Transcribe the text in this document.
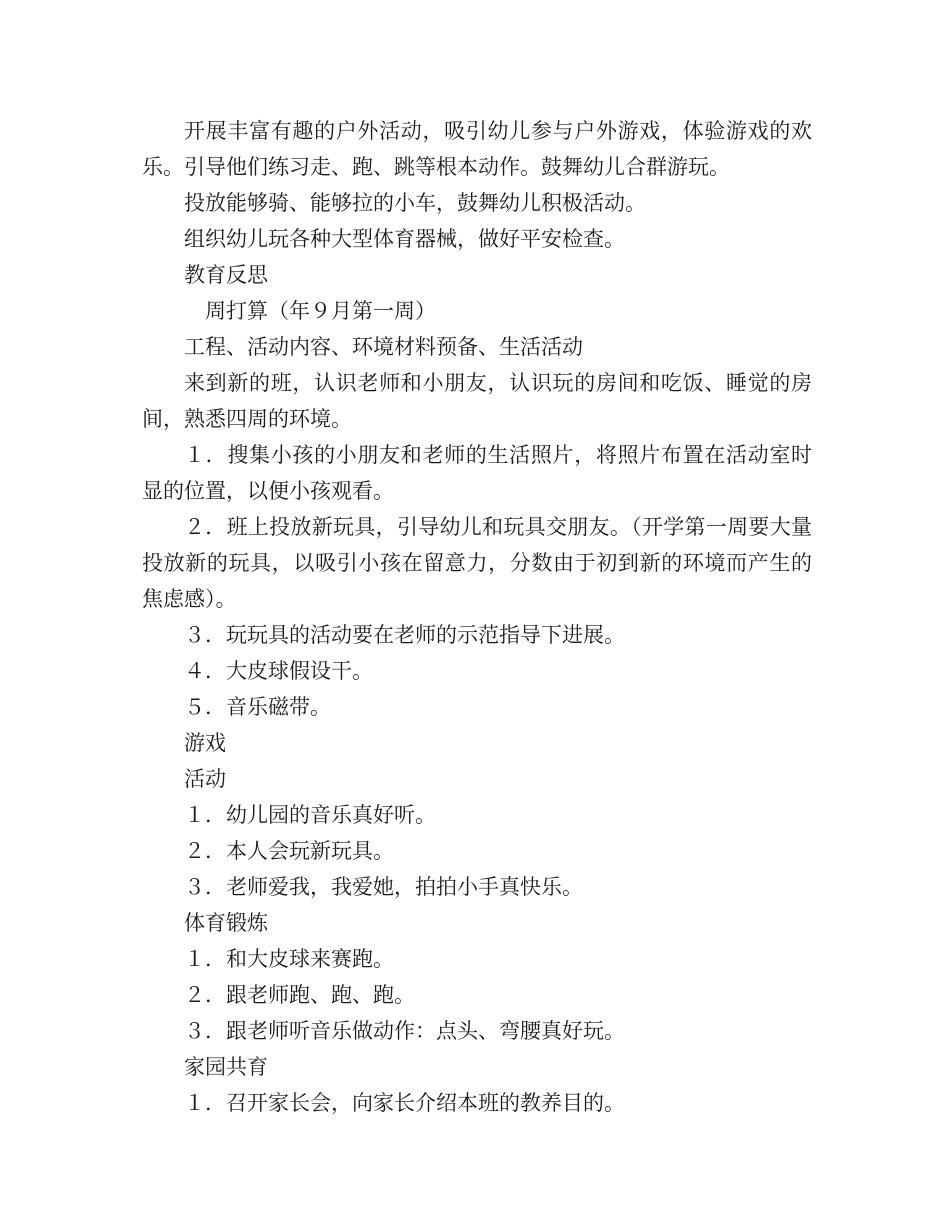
开展丰富有趣的户外活动，吸引幼儿参与户外游戏，体验游戏的欢乐。引导他们练习走、跑、跳等根本动作。鼓舞幼儿合群游玩。

投放能够骑、能够拉的小车，鼓舞幼儿积极活动。

组织幼儿玩各种大型体育器械，做好平安检查。

教育反思

周打算（年９月第一周）

工程、活动内容、环境材料预备、生活活动

来到新的班，认识老师和小朋友，认识玩的房间和吃饭、睡觉的房间，熟悉四周的环境。

１．搜集小孩的小朋友和老师的生活照片，将照片布置在活动室时显的位置，以便小孩观看。

２．班上投放新玩具，引导幼儿和玩具交朋友。（开学第一周要大量投放新的玩具，以吸引小孩在留意力，分数由于初到新的环境而产生的焦虑感）。

３．玩玩具的活动要在老师的示范指导下进展。

４．大皮球假设干。

５．音乐磁带。

游戏

活动

１．幼儿园的音乐真好听。

２．本人会玩新玩具。

３．老师爱我，我爱她，拍拍小手真快乐。

体育锻炼

１．和大皮球来赛跑。

２．跟老师跑、跑、跑。

３．跟老师听音乐做动作：点头、弯腰真好玩。

家园共育

１．召开家长会，向家长介绍本班的教养目的。
